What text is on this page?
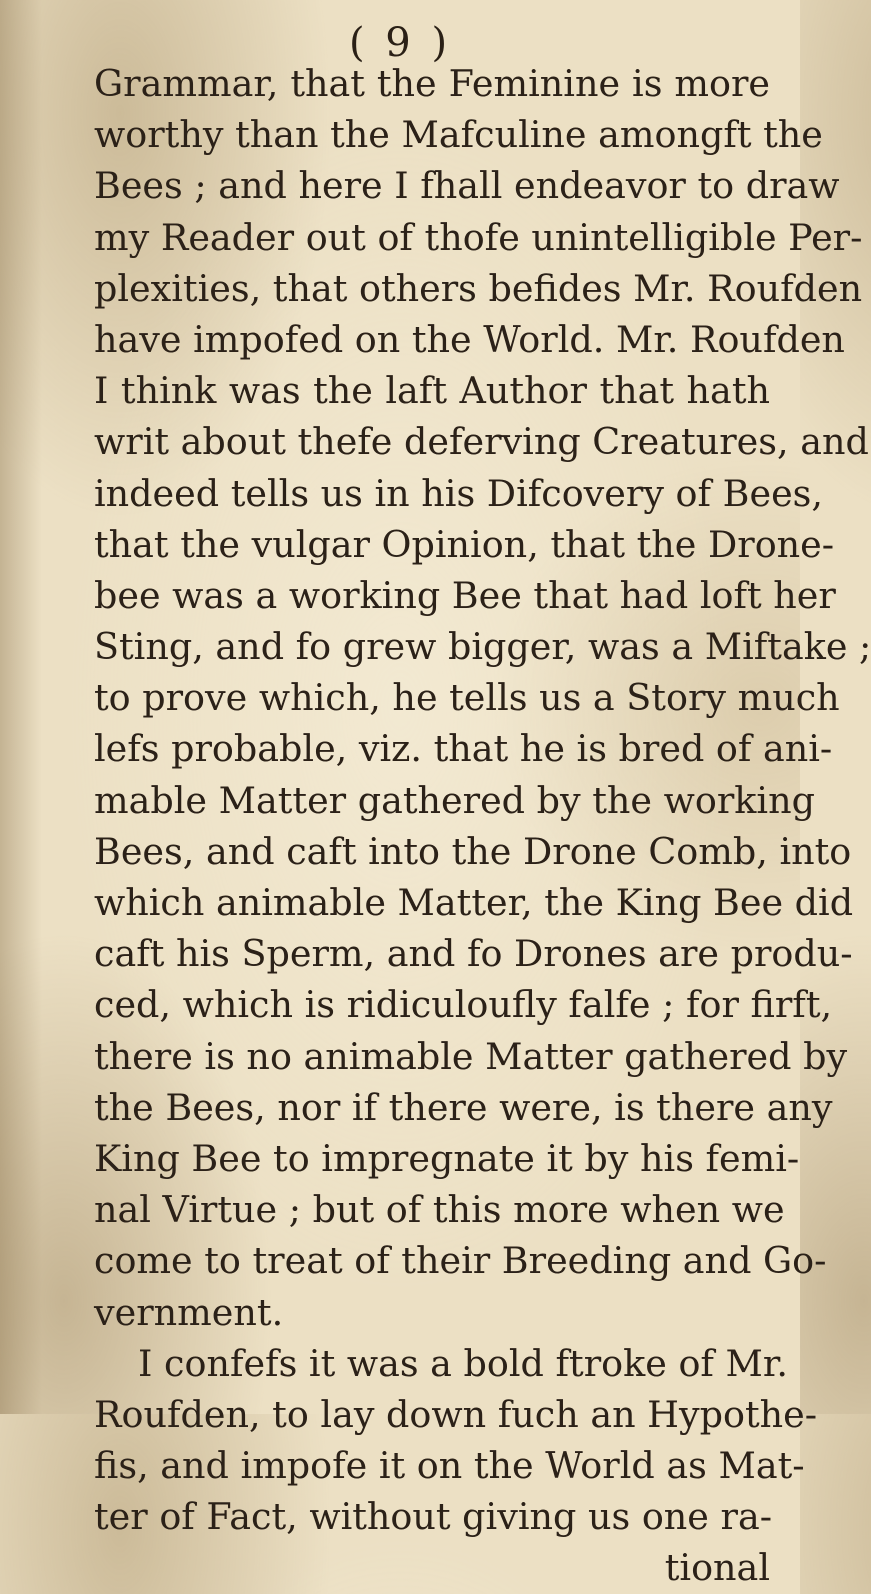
( 9 )
Grammar, that the Feminine is more
worthy than the Mafculine amongft the
Bees ; and here I fhall endeavor to draw
my Reader out of thofe unintelligible Per-
plexities, that others befides Mr. Roufden
have impofed on the World. Mr. Roufden
I think was the laft Author that hath
writ about thefe deferving Creatures, and
indeed tells us in his Difcovery of Bees,
that the vulgar Opinion, that the Drone-
bee was a working Bee that had loft her
Sting, and fo grew bigger, was a Miftake ;
to prove which, he tells us a Story much
lefs probable, viz. that he is bred of ani-
mable Matter gathered by the working
Bees, and caft into the Drone Comb, into
which animable Matter, the King Bee did
caft his Sperm, and fo Drones are produ-
ced, which is ridiculoufly falfe ; for firft,
there is no animable Matter gathered by
the Bees, nor if there were, is there any
King Bee to impregnate it by his femi-
nal Virtue ; but of this more when we
come to treat of their Breeding and Go-
vernment.
I confefs it was a bold ftroke of Mr.
Roufden, to lay down fuch an Hypothe-
fis, and impofe it on the World as Mat-
ter of Fact, without giving us one ra-
tional
